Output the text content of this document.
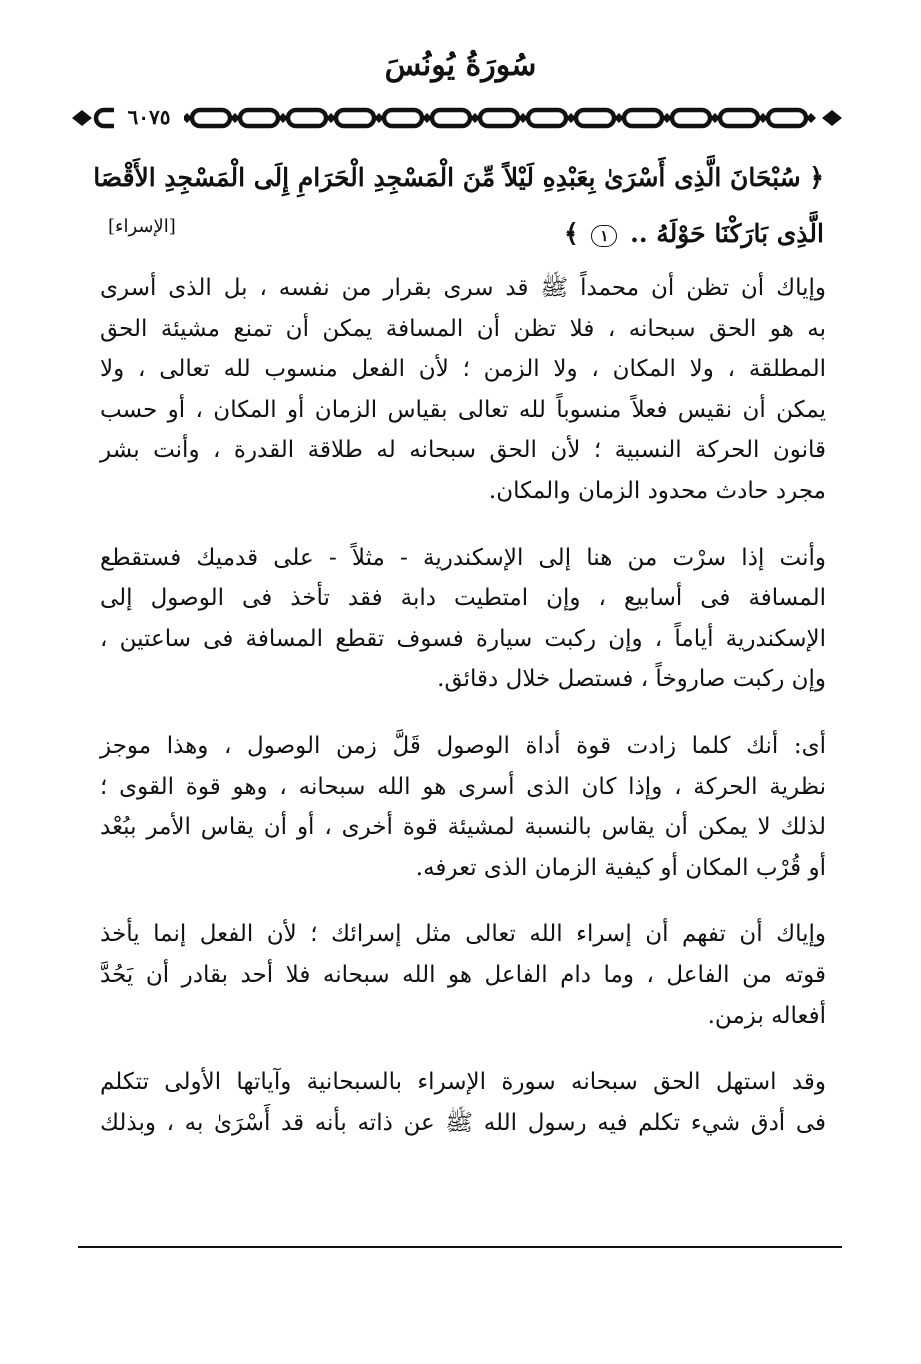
سُورَةُ يُونُسَ
٦٠٧٥
﴿ سُبْحَانَ الَّذِى أَسْرَىٰ بِعَبْدِهِ لَيْلاً مِّنَ الْمَسْجِدِ الْحَرَامِ إِلَى الْمَسْجِدِ الأَقْصَا
الَّذِى بَارَكْنَا حَوْلَهُ .. ١ ﴾
[الإسراء]
وإياك أن تظن أن محمداً ﷺ قد سرى بقرار من نفسه ، بل الذى أسرى
به هو الحق سبحانه ، فلا تظن أن المسافة يمكن أن تمنع مشيئة الحق
المطلقة ، ولا المكان ، ولا الزمن ؛ لأن الفعل منسوب لله تعالى ، ولا
يمكن أن نقيس فعلاً منسوباً لله تعالى بقياس الزمان أو المكان ، أو حسب
قانون الحركة النسبية ؛ لأن الحق سبحانه له طلاقة القدرة ، وأنت بشر
مجرد حادث محدود الزمان والمكان.
وأنت إذا سرْت من هنا إلى الإسكندرية - مثلاً - على قدميك فستقطع
المسافة فى أسابيع ، وإن امتطيت دابة فقد تأخذ فى الوصول إلى
الإسكندرية أياماً ، وإن ركبت سيارة فسوف تقطع المسافة فى ساعتين ،
وإن ركبت صاروخاً ، فستصل خلال دقائق.
أى: أنك كلما زادت قوة أداة الوصول قَلَّ زمن الوصول ، وهذا موجز
نظرية الحركة ، وإذا كان الذى أسرى هو الله سبحانه ، وهو قوة القوى ؛
لذلك لا يمكن أن يقاس بالنسبة لمشيئة قوة أخرى ، أو أن يقاس الأمر ببُعْد
أو قُرْب المكان أو كيفية الزمان الذى تعرفه.
وإياك أن تفهم أن إسراء الله تعالى مثل إسرائك ؛ لأن الفعل إنما يأخذ
قوته من الفاعل ، وما دام الفاعل هو الله سبحانه فلا أحد بقادر أن يَحُدَّ
أفعاله بزمن.
وقد استهل الحق سبحانه سورة الإسراء بالسبحانية وآياتها الأولى تتكلم
فى أدق شيء تكلم فيه رسول الله ﷺ عن ذاته بأنه قد أَسْرَىٰ به ، وبذلك
